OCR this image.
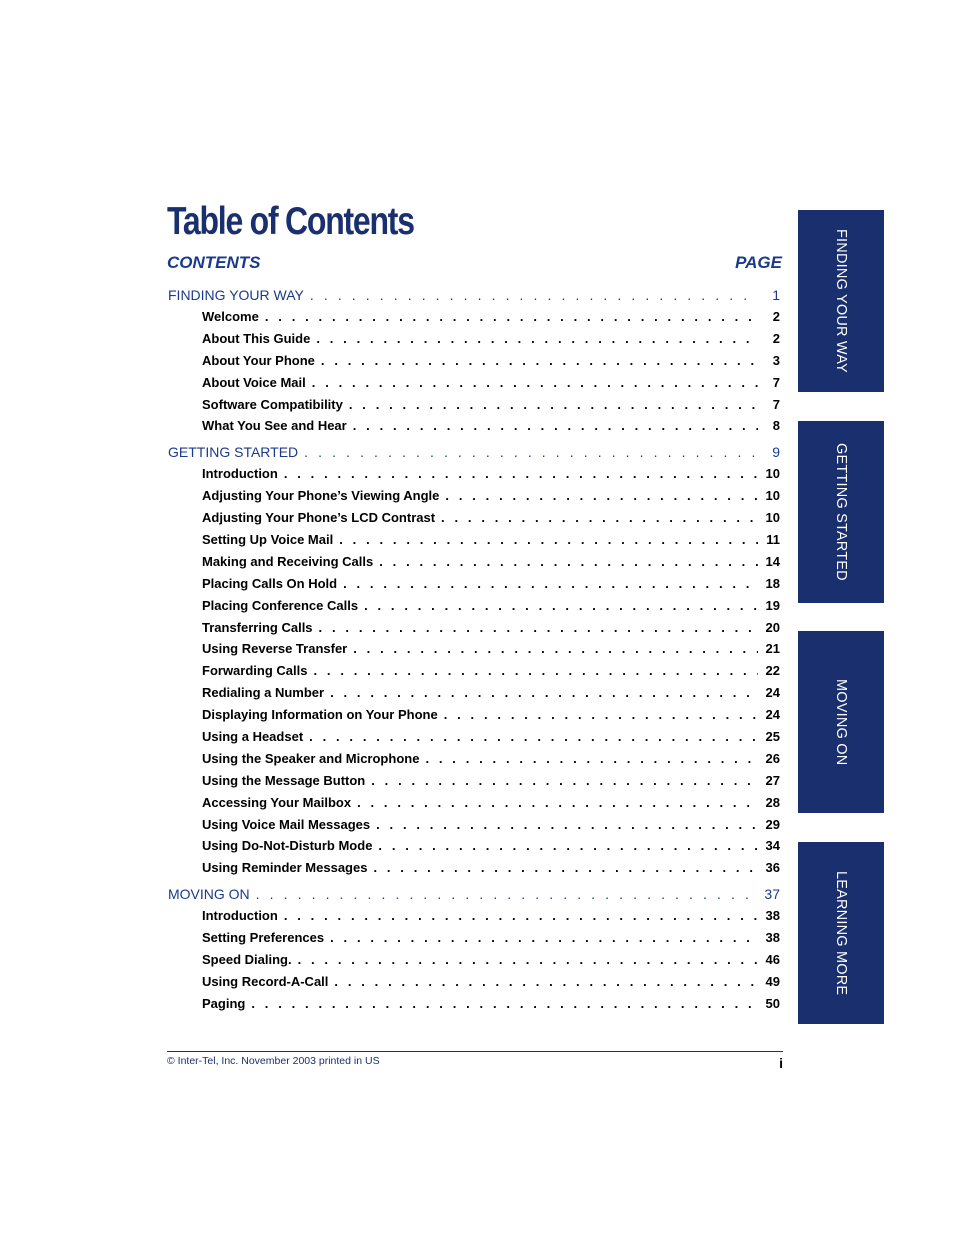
Table of Contents
CONTENTS	PAGE
FINDING YOUR WAY . . .	1
Welcome . . .	2
About This Guide . . .	2
About Your Phone . . .	3
About Voice Mail . . .	7
Software Compatibility . . .	7
What You See and Hear . . .	8
GETTING STARTED . . .	9
Introduction . . .	10
Adjusting Your Phone’s Viewing Angle . . .	10
Adjusting Your Phone’s LCD Contrast . . .	10
Setting Up Voice Mail . . .	11
Making and Receiving Calls . . .	14
Placing Calls On Hold . . .	18
Placing Conference Calls . . .	19
Transferring Calls . . .	20
Using Reverse Transfer . . .	21
Forwarding Calls . . .	22
Redialing a Number . . .	24
Displaying Information on Your Phone . . .	24
Using a Headset . . .	25
Using the Speaker and Microphone . . .	26
Using the Message Button . . .	27
Accessing Your Mailbox . . .	28
Using Voice Mail Messages . . .	29
Using Do-Not-Disturb Mode . . .	34
Using Reminder Messages . . .	36
MOVING ON . . .	37
Introduction . . .	38
Setting Preferences . . .	38
Speed Dialing. . . .	46
Using Record-A-Call . . .	49
Paging . . .	50
FINDING YOUR WAY
GETTING STARTED
MOVING ON
LEARNING MORE
© Inter-Tel, Inc. November 2003 printed in US	i
